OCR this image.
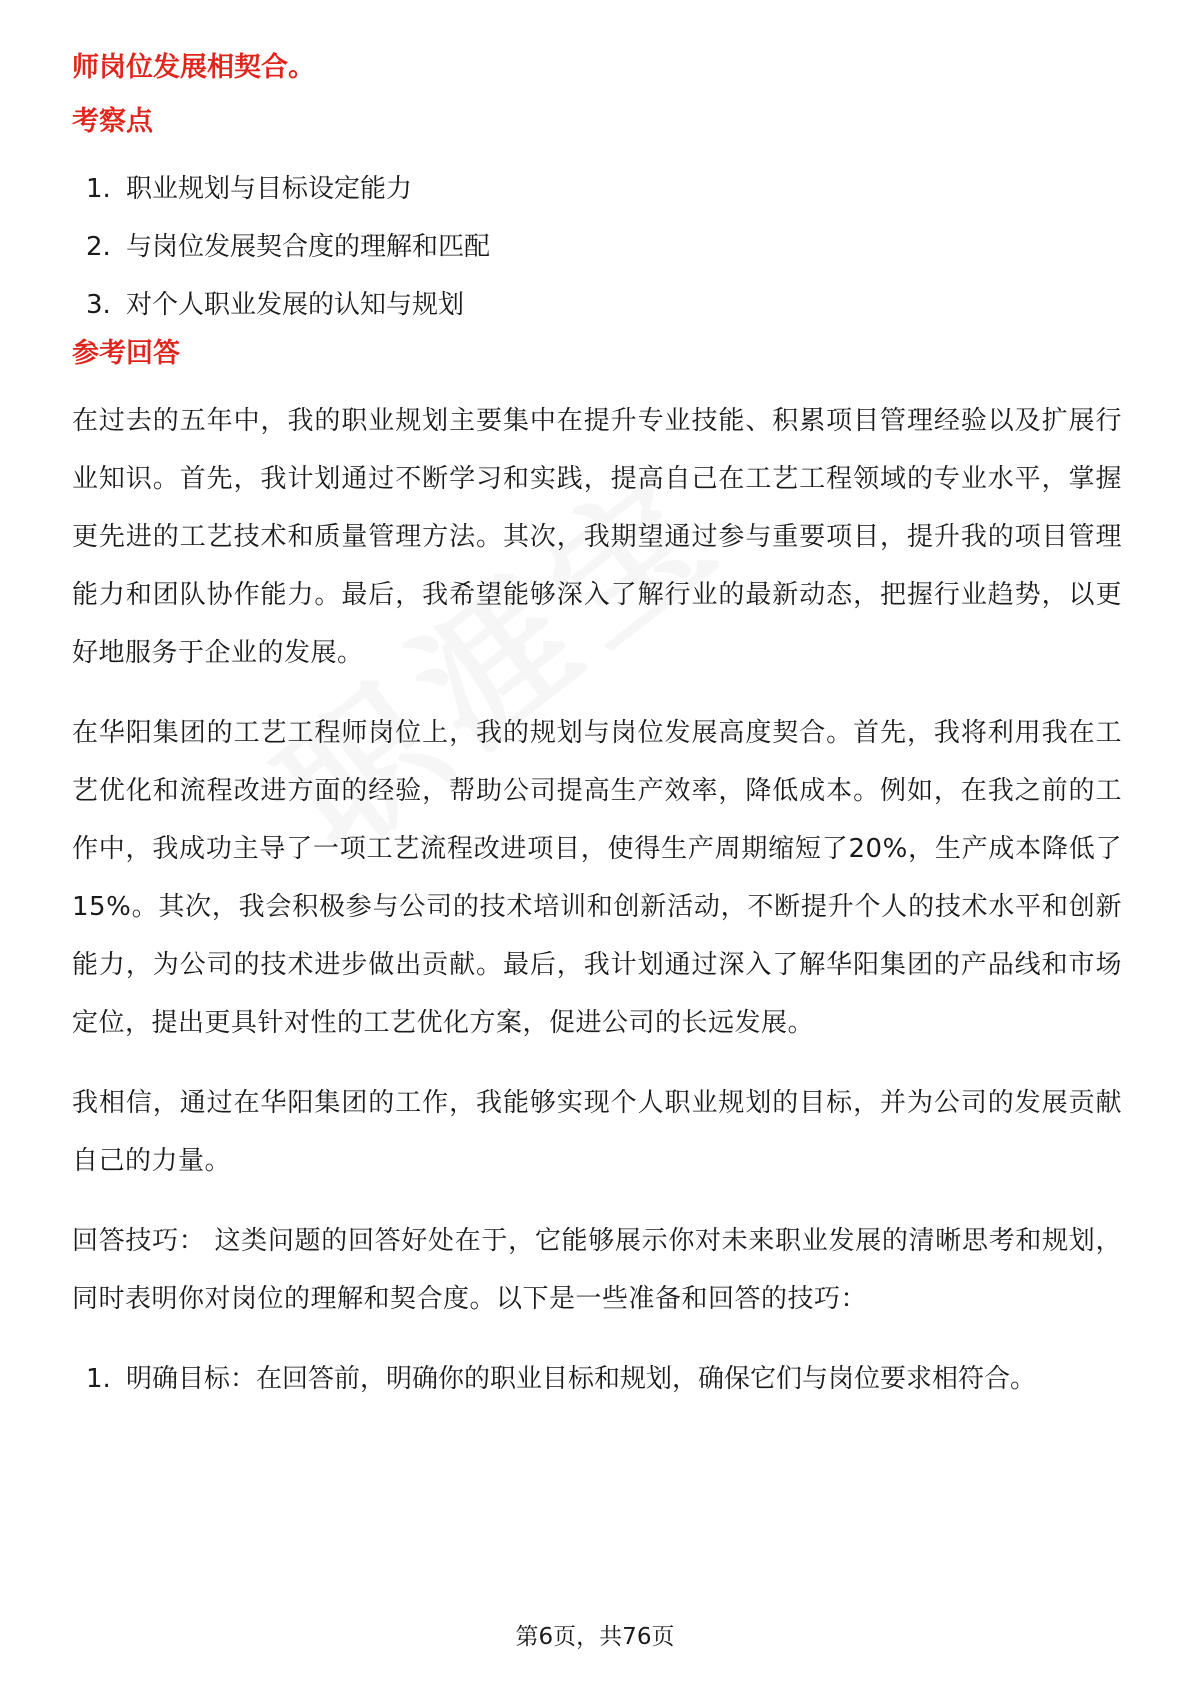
师岗位发展相契合。
考察点
1. 职业规划与目标设定能力
2. 与岗位发展契合度的理解和匹配
3. 对个人职业发展的认知与规划
参考回答

在过去的五年中，我的职业规划主要集中在提升专业技能、积累项目管理经验以及扩展行业知识。首先，我计划通过不断学习和实践，提高自己在工艺工程领域的专业水平，掌握更先进的工艺技术和质量管理方法。其次，我期望通过参与重要项目，提升我的项目管理能力和团队协作能力。最后，我希望能够深入了解行业的最新动态，把握行业趋势，以更好地服务于企业的发展。

在华阳集团的工艺工程师岗位上，我的规划与岗位发展高度契合。首先，我将利用我在工艺优化和流程改进方面的经验，帮助公司提高生产效率，降低成本。例如，在我之前的工作中，我成功主导了一项工艺流程改进项目，使得生产周期缩短了20%，生产成本降低了15%。其次，我会积极参与公司的技术培训和创新活动，不断提升个人的技术水平和创新能力，为公司的技术进步做出贡献。最后，我计划通过深入了解华阳集团的产品线和市场定位，提出更具针对性的工艺优化方案，促进公司的长远发展。

我相信，通过在华阳集团的工作，我能够实现个人职业规划的目标，并为公司的发展贡献自己的力量。

回答技巧： 这类问题的回答好处在于，它能够展示你对未来职业发展的清晰思考和规划，同时表明你对岗位的理解和契合度。以下是一些准备和回答的技巧：

1. 明确目标：在回答前，明确你的职业目标和规划，确保它们与岗位要求相符合。
第6页，共76页
